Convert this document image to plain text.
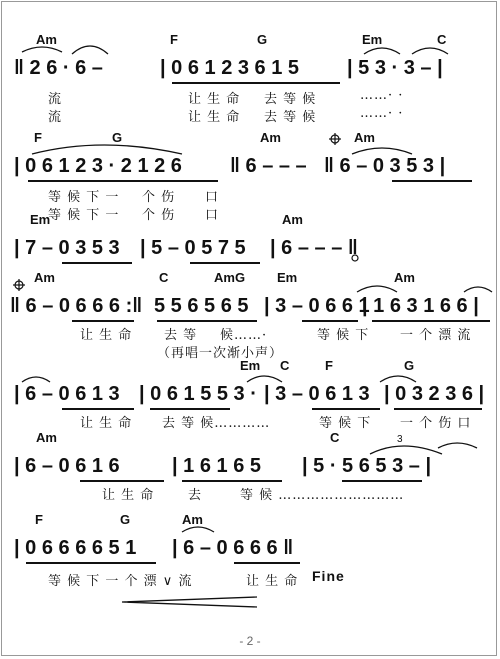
Am	F	G	Em	C
‖ 2 6 · 6 –	| 0 6 1 2 3 6 1 5 | 5 3 · 3 – |
流	让 生 命 去 等 候	……· ·
流	让 生 命 去 等 候	……· ·
F	G	Am	Am
| 0 6 1 2 3 · 2 1 2 6 ‖ 6 – – – ‖ 6 – 0 3 5 3 |
等 候 下 一 个 伤 口
等 候 下 一 个 伤 口
Em	Am
| 7 – 0 3 5 3 | 5 – 0 5 7 5 | 6 – – – ‖
Am	C	AmG Em	Am
‖ 6 – 0 6 6 6 :‖ 5 5 6 5 6 5 | 3 – 0 6 6 1
| 1 6 3 1 6 6 |
让 生 命 去 等 候……·	等 候 下 一 个 漂 流
（再唱一次渐小声）
Em C	F	G
| 6 – 0 6 1 3 | 0 6 1 5 5 3 · | 3 – 0 6 1 3 | 0 3 2 3 6 |
让 生 命 去 等 候…………	等 候 下 一 个 伤 口
Am	C
| 6 – 0 6 1 6	| 1 6 1 6 5 | 5 · 5 6 5 3 – |
让 生 命	去	等 候 ………………………
F	G	Am
| 0 6 6 6 6 5 1 | 6 – 0 6 6 6 ‖
等 候 下 一 个 漂 ∨ 流	让 生 命 Fine
3
- 2 -
